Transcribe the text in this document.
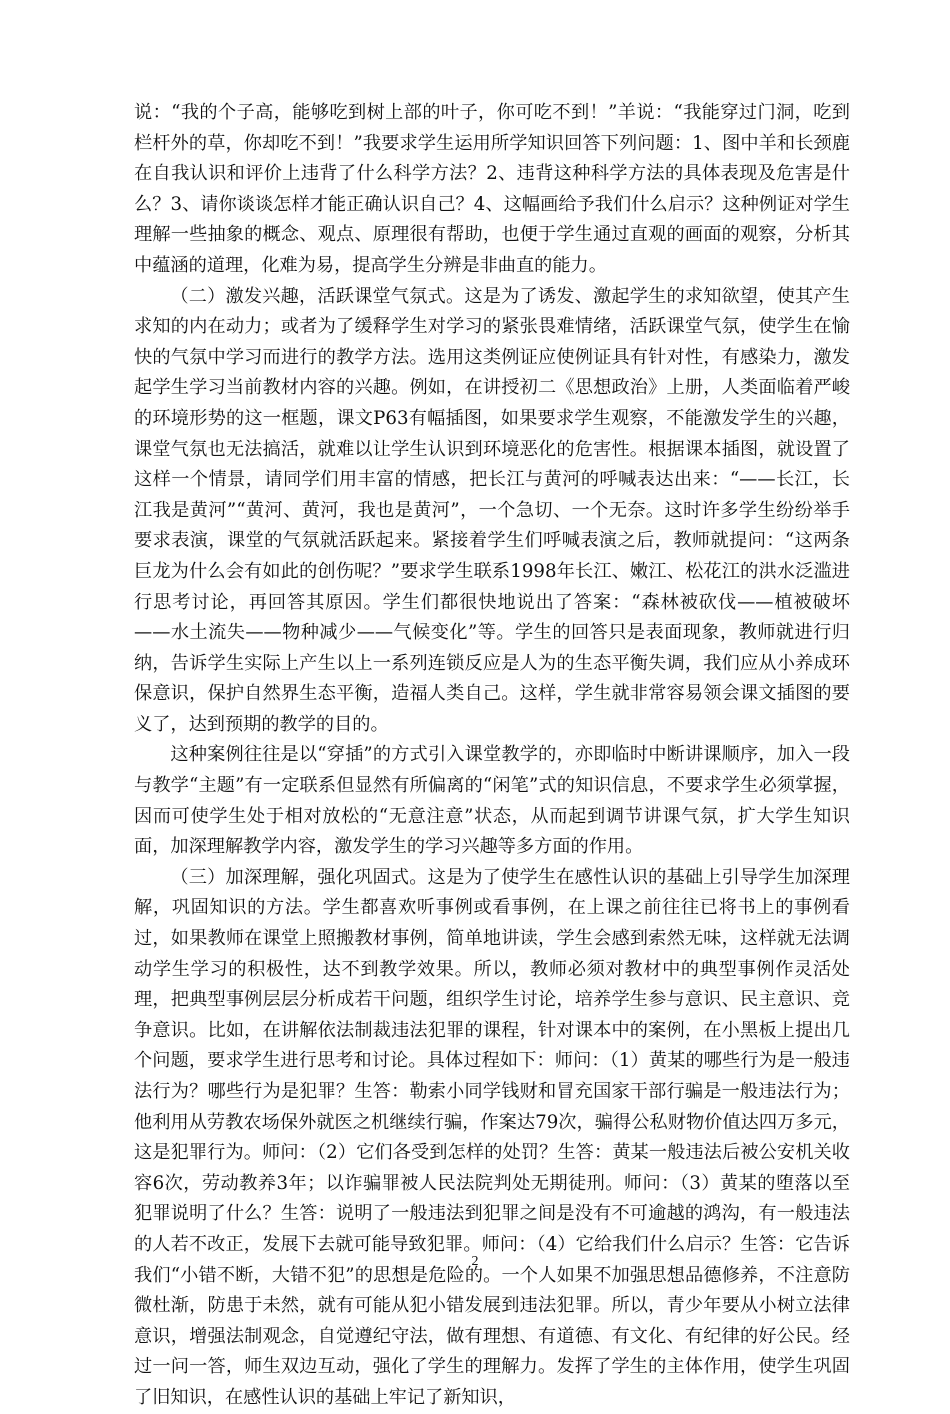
说：“我的个子高，能够吃到树上部的叶子，你可吃不到！”羊说：“我能穿过门洞，吃到栏杆外的草，你却吃不到！”我要求学生运用所学知识回答下列问题：1、图中羊和长颈鹿在自我认识和评价上违背了什么科学方法？2、违背这种科学方法的具体表现及危害是什么？3、请你谈谈怎样才能正确认识自己？4、这幅画给予我们什么启示？这种例证对学生理解一些抽象的概念、观点、原理很有帮助，也便于学生通过直观的画面的观察，分析其中蕴涵的道理，化难为易，提高学生分辨是非曲直的能力。

（二）激发兴趣，活跃课堂气氛式。这是为了诱发、激起学生的求知欲望，使其产生求知的内在动力；或者为了缓释学生对学习的紧张畏难情绪，活跃课堂气氛，使学生在愉快的气氛中学习而进行的教学方法。选用这类例证应使例证具有针对性，有感染力，激发起学生学习当前教材内容的兴趣。例如，在讲授初二《思想政治》上册，人类面临着严峻的环境形势的这一框题，课文P63有幅插图，如果要求学生观察，不能激发学生的兴趣，课堂气氛也无法搞活，就难以让学生认识到环境恶化的危害性。根据课本插图，就设置了这样一个情景，请同学们用丰富的情感，把长江与黄河的呼喊表达出来：“——长江，长江我是黄河”“黄河、黄河，我也是黄河”，一个急切、一个无奈。这时许多学生纷纷举手要求表演，课堂的气氛就活跃起来。紧接着学生们呼喊表演之后，教师就提问：“这两条巨龙为什么会有如此的创伤呢？”要求学生联系1998年长江、嫩江、松花江的洪水泛滥进行思考讨论，再回答其原因。学生们都很快地说出了答案：“森林被砍伐——植被破坏——水土流失——物种减少——气候变化”等。学生的回答只是表面现象，教师就进行归纳，告诉学生实际上产生以上一系列连锁反应是人为的生态平衡失调，我们应从小养成环保意识，保护自然界生态平衡，造福人类自己。这样，学生就非常容易领会课文插图的要义了，达到预期的教学的目的。

这种案例往往是以“穿插”的方式引入课堂教学的，亦即临时中断讲课顺序，加入一段与教学“主题”有一定联系但显然有所偏离的“闲笔”式的知识信息，不要求学生必须掌握，因而可使学生处于相对放松的“无意注意”状态，从而起到调节讲课气氛，扩大学生知识面，加深理解教学内容，激发学生的学习兴趣等多方面的作用。

（三）加深理解，强化巩固式。这是为了使学生在感性认识的基础上引导学生加深理解，巩固知识的方法。学生都喜欢听事例或看事例，在上课之前往往已将书上的事例看过，如果教师在课堂上照搬教材事例，简单地讲读，学生会感到索然无味，这样就无法调动学生学习的积极性，达不到教学效果。所以，教师必须对教材中的典型事例作灵活处理，把典型事例层层分析成若干问题，组织学生讨论，培养学生参与意识、民主意识、竞争意识。比如，在讲解依法制裁违法犯罪的课程，针对课本中的案例，在小黑板上提出几个问题，要求学生进行思考和讨论。具体过程如下：师问：（1）黄某的哪些行为是一般违法行为？哪些行为是犯罪？生答：勒索小同学钱财和冒充国家干部行骗是一般违法行为；他利用从劳教农场保外就医之机继续行骗，作案达79次，骗得公私财物价值达四万多元，这是犯罪行为。师问：（2）它们各受到怎样的处罚？生答：黄某一般违法后被公安机关收容6次，劳动教养3年；以诈骗罪被人民法院判处无期徒刑。师问：（3）黄某的堕落以至犯罪说明了什么？生答：说明了一般违法到犯罪之间是没有不可逾越的鸿沟，有一般违法的人若不改正，发展下去就可能导致犯罪。师问：（4）它给我们什么启示？生答：它告诉我们“小错不断，大错不犯”的思想是危险的。一个人如果不加强思想品德修养，不注意防微杜渐，防患于未然，就有可能从犯小错发展到违法犯罪。所以，青少年要从小树立法律意识，增强法制观念，自觉遵纪守法，做有理想、有道德、有文化、有纪律的好公民。经过一问一答，师生双边互动，强化了学生的理解力。发挥了学生的主体作用，使学生巩固了旧知识，在感性认识的基础上牢记了新知识，

2
